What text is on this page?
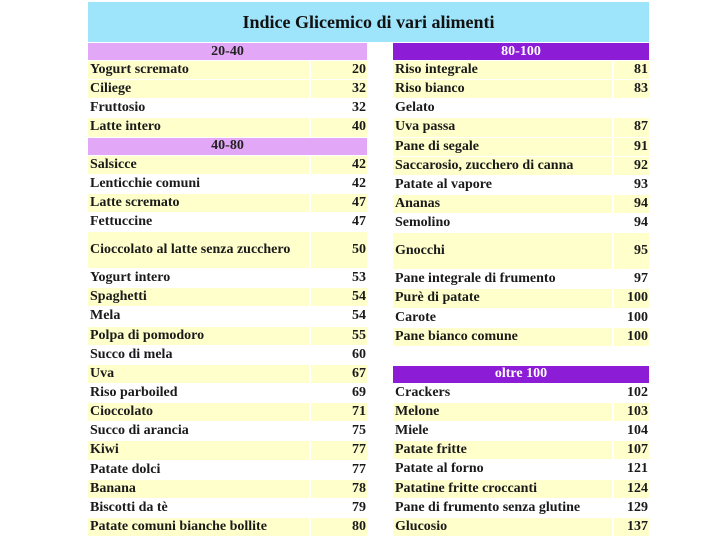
Indice Glicemico di vari alimenti
20-40
Yogurt scremato	20
Ciliege	32
Fruttosio	32
Latte intero	40
40-80
Salsicce	42
Lenticchie comuni	42
Latte scremato	47
Fettuccine	47
Cioccolato al latte senza zucchero	50
Yogurt intero	53
Spaghetti	54
Mela	54
Polpa di pomodoro	55
Succo di mela	60
Uva	67
Riso parboiled	69
Cioccolato	71
Succo di arancia	75
Kiwi	77
Patate dolci	77
Banana	78
Biscotti da tè	79
Patate comuni bianche bollite	80
80-100
Riso integrale	81
Riso bianco	83
Gelato
Uva passa	87
Pane di segale	91
Saccarosio, zucchero di canna	92
Patate al vapore	93
Ananas	94
Semolino	94
Gnocchi	95
Pane integrale di frumento	97
Purè di patate	100
Carote	100
Pane bianco comune	100
oltre 100
Crackers	102
Melone	103
Miele	104
Patate fritte	107
Patate al forno	121
Patatine fritte croccanti	124
Pane di frumento senza glutine	129
Glucosio	137
